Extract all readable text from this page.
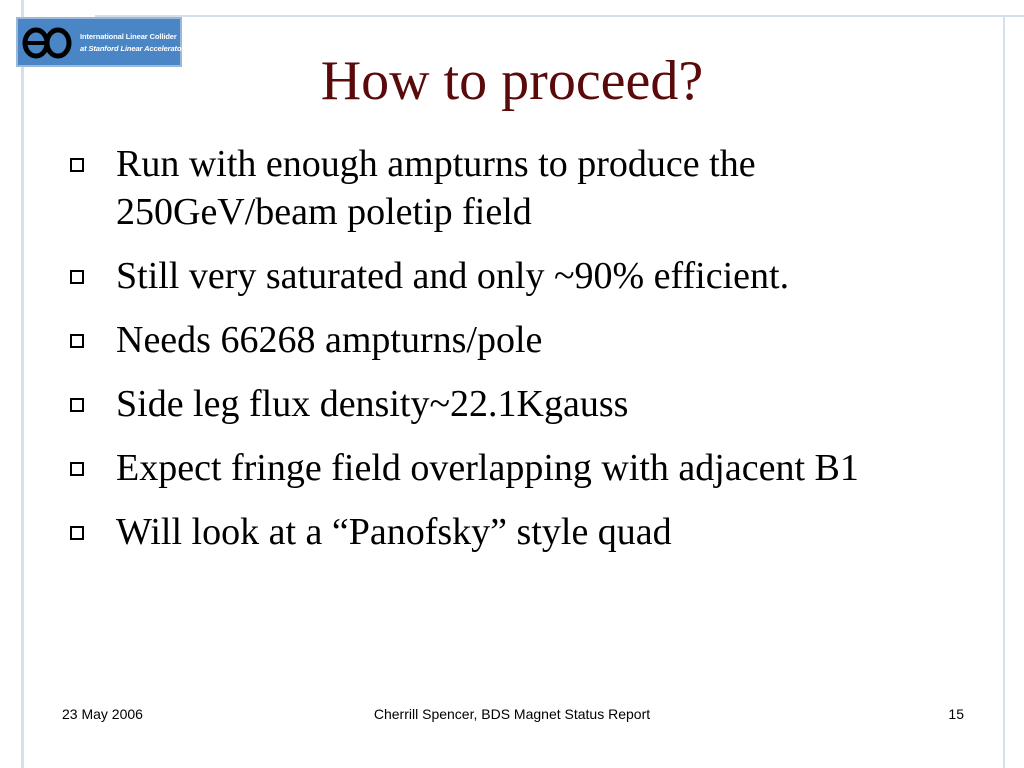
International Linear Collider
at Stanford Linear Accelerator Center
How to proceed?
Run with enough ampturns to produce the 250GeV/beam poletip field
Still very saturated and only ~90% efficient.
Needs 66268 ampturns/pole
Side leg flux density~22.1Kgauss
Expect fringe field overlapping with adjacent B1
Will look at a “Panofsky” style quad
23 May 2006	Cherrill Spencer, BDS Magnet Status Report	15
